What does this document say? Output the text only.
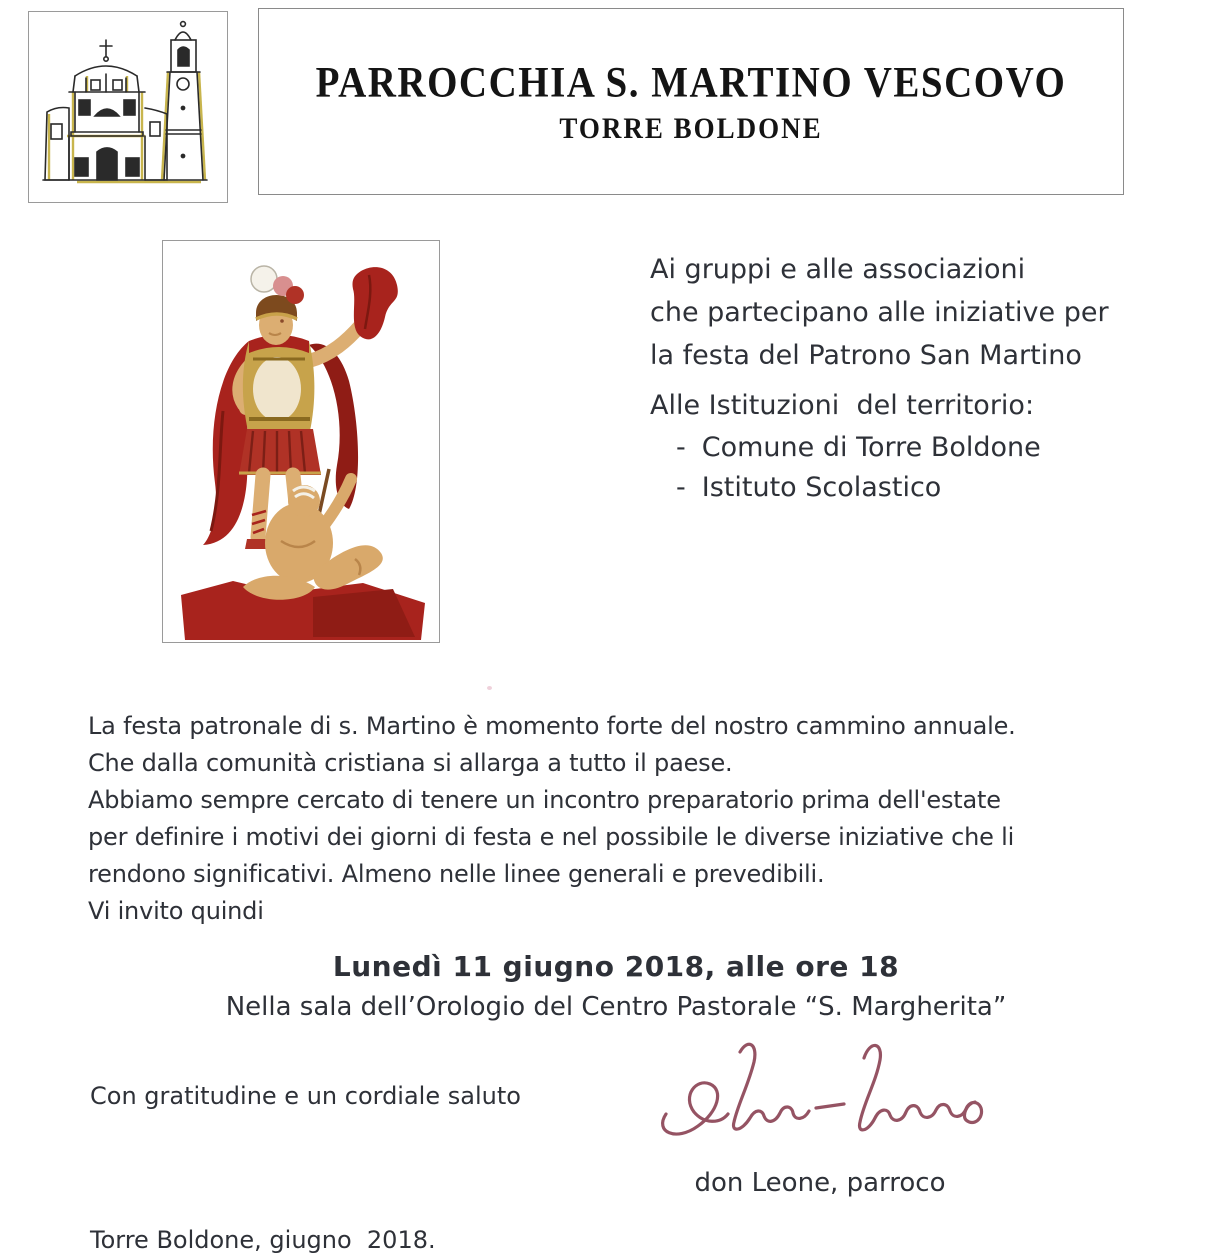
PARROCCHIA S. MARTINO VESCOVO
TORRE BOLDONE
Ai gruppi e alle associazioni
che partecipano alle iniziative per
la festa del Patrono San Martino
Alle Istituzioni  del territorio:
- Comune di Torre Boldone
- Istituto Scolastico
La festa patronale di s. Martino è momento forte del nostro cammino annuale.
Che dalla comunità cristiana si allarga a tutto il paese.
Abbiamo sempre cercato di tenere un incontro preparatorio prima dell'estate
per definire i motivi dei giorni di festa e nel possibile le diverse iniziative che li
rendono significativi. Almeno nelle linee generali e prevedibili.
Vi invito quindi
Lunedì 11 giugno 2018, alle ore 18
Nella sala dell’Orologio del Centro Pastorale “S. Margherita”
Con gratitudine e un cordiale saluto
don Leone, parroco
Torre Boldone, giugno  2018.
